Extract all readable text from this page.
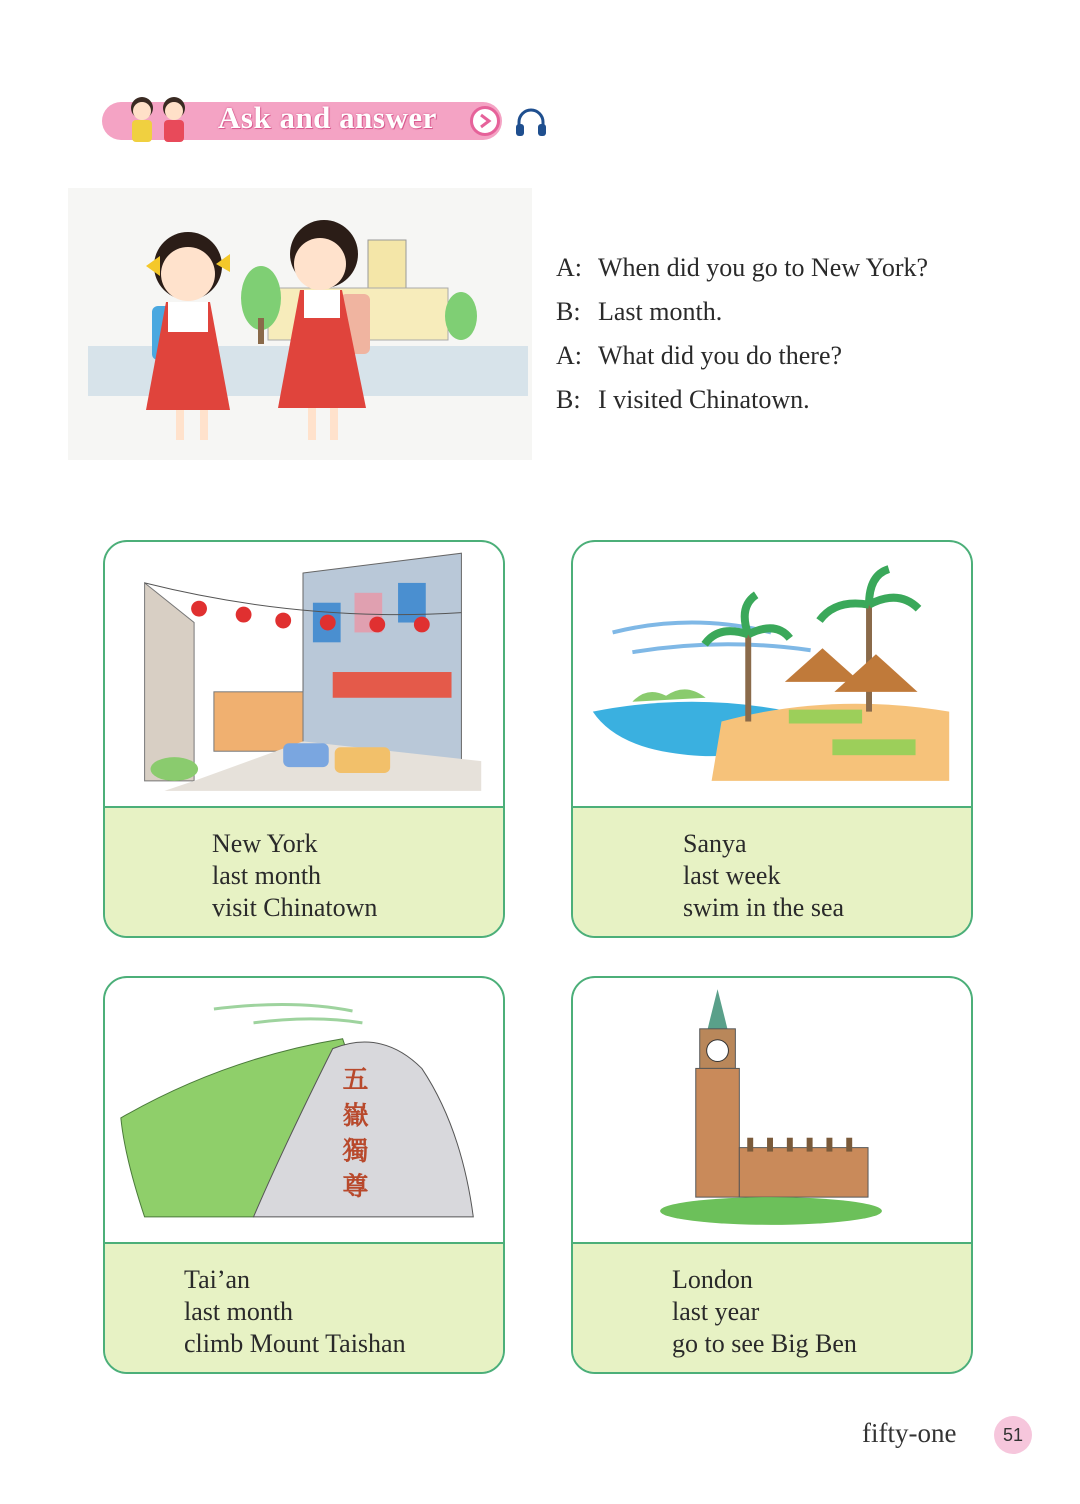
Ask and answer
A: When did you go to New York?
B: Last month.
A: What did you do there?
B: I visited Chinatown.
New York
last month
visit Chinatown
Sanya
last week
swim in the sea
五
嶽
獨
尊
Tai’an
last month
climb Mount Taishan
London
last year
go to see Big Ben
fifty-one	51
